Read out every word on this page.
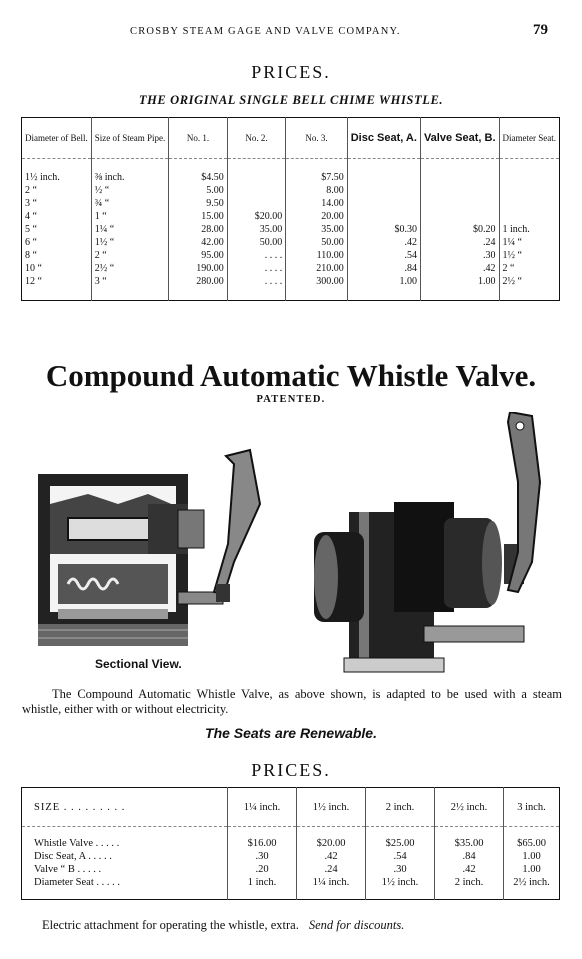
CROSBY STEAM GAGE AND VALVE COMPANY.	79
PRICES.
THE ORIGINAL SINGLE BELL CHIME WHISTLE.
Diameter of Bell.	Size of Steam Pipe.	No. 1.	No. 2.	No. 3.	Disc Seat, A.	Valve Seat, B.	Diameter Seat.

1½ inch.	⅜ inch.	$4.50		$7.50			
2 “	½ “	5.00		8.00			
3 “	¾ “	9.50		14.00			
4 “	1 “	15.00	$20.00	20.00			
5 “	1¼ “	28.00	35.00	35.00	$0.30	$0.20	1 inch.
6 “	1½ “	42.00	50.00	50.00	.42	.24	1¼ “
8 “	2 “	95.00	. . . .	110.00	.54	.30	1½ “
10 “	2½ “	190.00	. . . .	210.00	.84	.42	2 “
12 “	3 “	280.00	. . . .	300.00	1.00	1.00	2½ “

Compound Automatic Whistle Valve.
PATENTED.
Sectional View.

The Compound Automatic Whistle Valve, as above shown, is adapted to be used with a steam whistle, either with or without electricity.

The Seats are Renewable.
PRICES.
SIZE . . . . . . . . .	1¼ inch.	1½ inch.	2 inch.	2½ inch.	3 inch.

Whistle Valve . . . . .	$16.00	$20.00	$25.00	$35.00	$65.00
Disc Seat, A . . . . .	.30	.42	.54	.84	1.00
Valve “ B . . . . .	.20	.24	.30	.42	1.00
Diameter Seat . . . . .	1 inch.	1¼ inch.	1½ inch.	2 inch.	2½ inch.

Electric attachment for operating the whistle, extra. Send for discounts.
